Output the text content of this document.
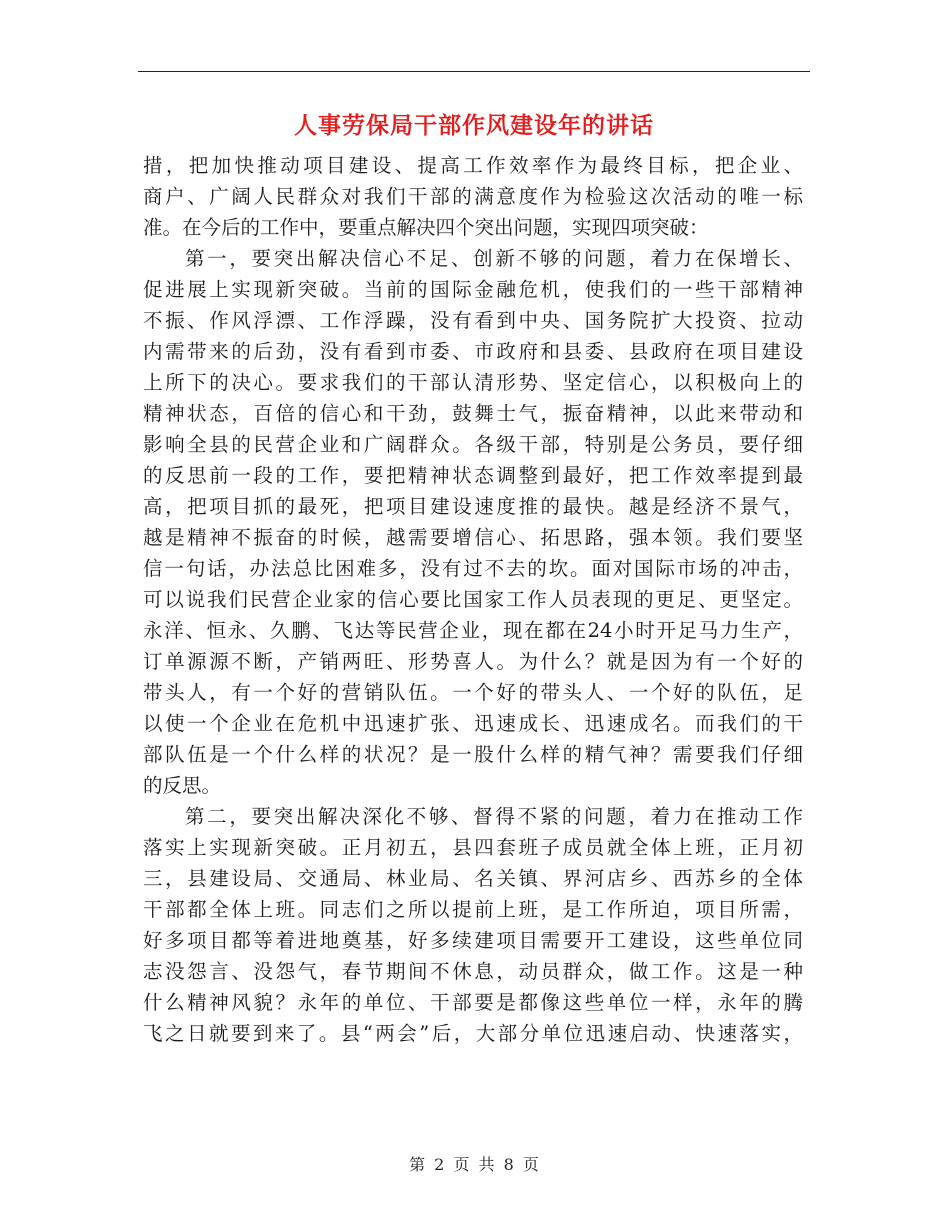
人事劳保局干部作风建设年的讲话
措，把加快推动项目建设、提高工作效率作为最终目标，把企业、
商户、广阔人民群众对我们干部的满意度作为检验这次活动的唯一标
准。在今后的工作中，要重点解决四个突出问题，实现四项突破：
第一，要突出解决信心不足、创新不够的问题，着力在保增长、
促进展上实现新突破。当前的国际金融危机，使我们的一些干部精神
不振、作风浮漂、工作浮躁，没有看到中央、国务院扩大投资、拉动
内需带来的后劲，没有看到市委、市政府和县委、县政府在项目建设
上所下的决心。要求我们的干部认清形势、坚定信心，以积极向上的
精神状态，百倍的信心和干劲，鼓舞士气，振奋精神，以此来带动和
影响全县的民营企业和广阔群众。各级干部，特别是公务员，要仔细
的反思前一段的工作，要把精神状态调整到最好，把工作效率提到最
高，把项目抓的最死，把项目建设速度推的最快。越是经济不景气，
越是精神不振奋的时候，越需要增信心、拓思路，强本领。我们要坚
信一句话，办法总比困难多，没有过不去的坎。面对国际市场的冲击，
可以说我们民营企业家的信心要比国家工作人员表现的更足、更坚定。
永洋、恒永、久鹏、飞达等民营企业，现在都在24小时开足马力生产，
订单源源不断，产销两旺、形势喜人。为什么？就是因为有一个好的
带头人，有一个好的营销队伍。一个好的带头人、一个好的队伍，足
以使一个企业在危机中迅速扩张、迅速成长、迅速成名。而我们的干
部队伍是一个什么样的状况？是一股什么样的精气神？需要我们仔细
的反思。
第二，要突出解决深化不够、督得不紧的问题，着力在推动工作
落实上实现新突破。正月初五，县四套班子成员就全体上班，正月初
三，县建设局、交通局、林业局、名关镇、界河店乡、西苏乡的全体
干部都全体上班。同志们之所以提前上班，是工作所迫，项目所需，
好多项目都等着进地奠基，好多续建项目需要开工建设，这些单位同
志没怨言、没怨气，春节期间不休息，动员群众，做工作。这是一种
什么精神风貌？永年的单位、干部要是都像这些单位一样，永年的腾
飞之日就要到来了。县“两会”后，大部分单位迅速启动、快速落实，
第 2 页 共 8 页
